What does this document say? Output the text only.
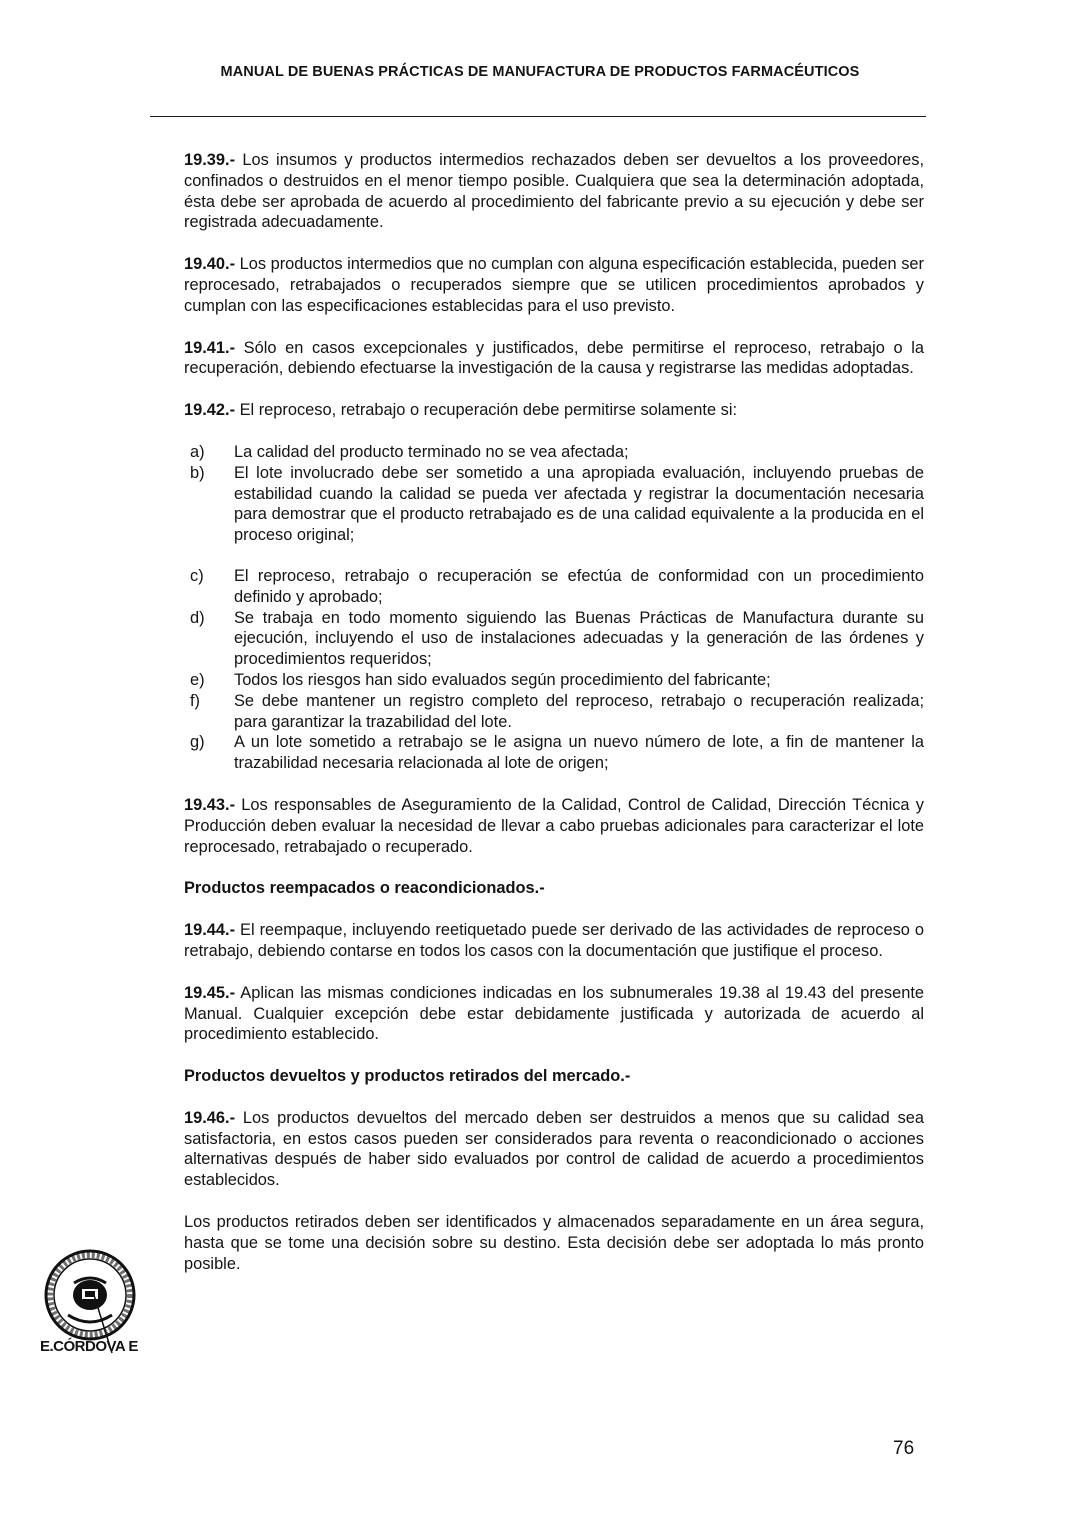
MANUAL DE BUENAS PRÁCTICAS DE MANUFACTURA DE PRODUCTOS FARMACÉUTICOS

19.39.- Los insumos y productos intermedios rechazados deben ser devueltos a los proveedores, confinados o destruidos en el menor tiempo posible. Cualquiera que sea la determinación adoptada, ésta debe ser aprobada de acuerdo al procedimiento del fabricante previo a su ejecución y debe ser registrada adecuadamente.

19.40.- Los productos intermedios que no cumplan con alguna especificación establecida, pueden ser reprocesado, retrabajados o recuperados siempre que se utilicen procedimientos aprobados y cumplan con las especificaciones establecidas para el uso previsto.

19.41.- Sólo en casos excepcionales y justificados, debe permitirse el reproceso, retrabajo o la recuperación, debiendo efectuarse la investigación de la causa y registrarse las medidas adoptadas.

19.42.- El reproceso, retrabajo o recuperación debe permitirse solamente si:

a) La calidad del producto terminado no se vea afectada;
b) El lote involucrado debe ser sometido a una apropiada evaluación, incluyendo pruebas de estabilidad cuando la calidad se pueda ver afectada y registrar la documentación necesaria para demostrar que el producto retrabajado es de una calidad equivalente a la producida en el proceso original;
c) El reproceso, retrabajo o recuperación se efectúa de conformidad con un procedimiento definido y aprobado;
d) Se trabaja en todo momento siguiendo las Buenas Prácticas de Manufactura durante su ejecución, incluyendo el uso de instalaciones adecuadas y la generación de las órdenes y procedimientos requeridos;
e) Todos los riesgos han sido evaluados según procedimiento del fabricante;
f) Se debe mantener un registro completo del reproceso, retrabajo o recuperación realizada; para garantizar la trazabilidad del lote.
g) A un lote sometido a retrabajo se le asigna un nuevo número de lote, a fin de mantener la trazabilidad necesaria relacionada al lote de origen;

19.43.- Los responsables de Aseguramiento de la Calidad, Control de Calidad, Dirección Técnica y Producción deben evaluar la necesidad de llevar a cabo pruebas adicionales para caracterizar el lote reprocesado, retrabajado o recuperado.

Productos reempacados o reacondicionados.-

19.44.- El reempaque, incluyendo reetiquetado puede ser derivado de las actividades de reproceso o retrabajo, debiendo contarse en todos los casos con la documentación que justifique el proceso.

19.45.- Aplican las mismas condiciones indicadas en los subnumerales 19.38 al 19.43 del presente Manual. Cualquier excepción debe estar debidamente justificada y autorizada de acuerdo al procedimiento establecido.

Productos devueltos y productos retirados del mercado.-

19.46.- Los productos devueltos del mercado deben ser destruidos a menos que su calidad sea satisfactoria, en estos casos pueden ser considerados para reventa o reacondicionado o acciones alternativas después de haber sido evaluados por control de calidad de acuerdo a procedimientos establecidos.

Los productos retirados deben ser identificados y almacenados separadamente en un área segura, hasta que se tome una decisión sobre su destino. Esta decisión debe ser adoptada lo más pronto posible.

E.CÓRDOVA E
76
